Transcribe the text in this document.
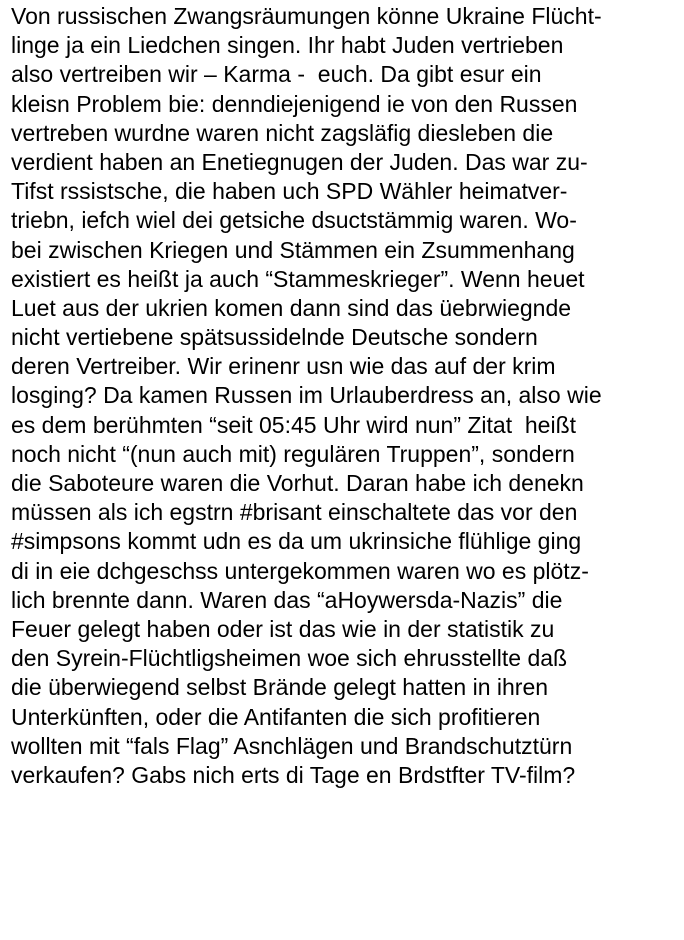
Von russischen Zwangsräumungen könne Ukraine Flücht-
linge ja ein Liedchen singen. Ihr habt Juden vertrieben
also vertreiben wir – Karma -  euch. Da gibt esur ein
kleisn Problem bie: denndiejenigend ie von den Russen
vertreben wurdne waren nicht zagsläfig diesleben die
verdient haben an Enetiegnugen der Juden. Das war zu-
Tifst rssistsche, die haben uch SPD Wähler heimatver-
triebn, iefch wiel dei getsiche dsuctstämmig waren. Wo-
bei zwischen Kriegen und Stämmen ein Zsummenhang
existiert es heißt ja auch “Stammeskrieger”. Wenn heuet
Luet aus der ukrien komen dann sind das üebrwiegnde
nicht vertiebene spätsussidelnde Deutsche sondern
deren Vertreiber. Wir erinenr usn wie das auf der krim
losging? Da kamen Russen im Urlauberdress an, also wie
es dem berühmten “seit 05:45 Uhr wird nun” Zitat  heißt
noch nicht “(nun auch mit) regulären Truppen”, sondern
die Saboteure waren die Vorhut. Daran habe ich denekn
müssen als ich egstrn #brisant einschaltete das vor den
#simpsons kommt udn es da um ukrinsiche flühlige ging
di in eie dchgeschss untergekommen waren wo es plötz-
lich brennte dann. Waren das “aHoywersda-Nazis” die
Feuer gelegt haben oder ist das wie in der statistik zu
den Syrein-Flüchtligsheimen woe sich ehrusstellte daß
die überwiegend selbst Brände gelegt hatten in ihren
Unterkünften, oder die Antifanten die sich profitieren
wollten mit “fals Flag” Asnchlägen und Brandschutztürn
verkaufen? Gabs nich erts di Tage en Brdstfter TV-film?
